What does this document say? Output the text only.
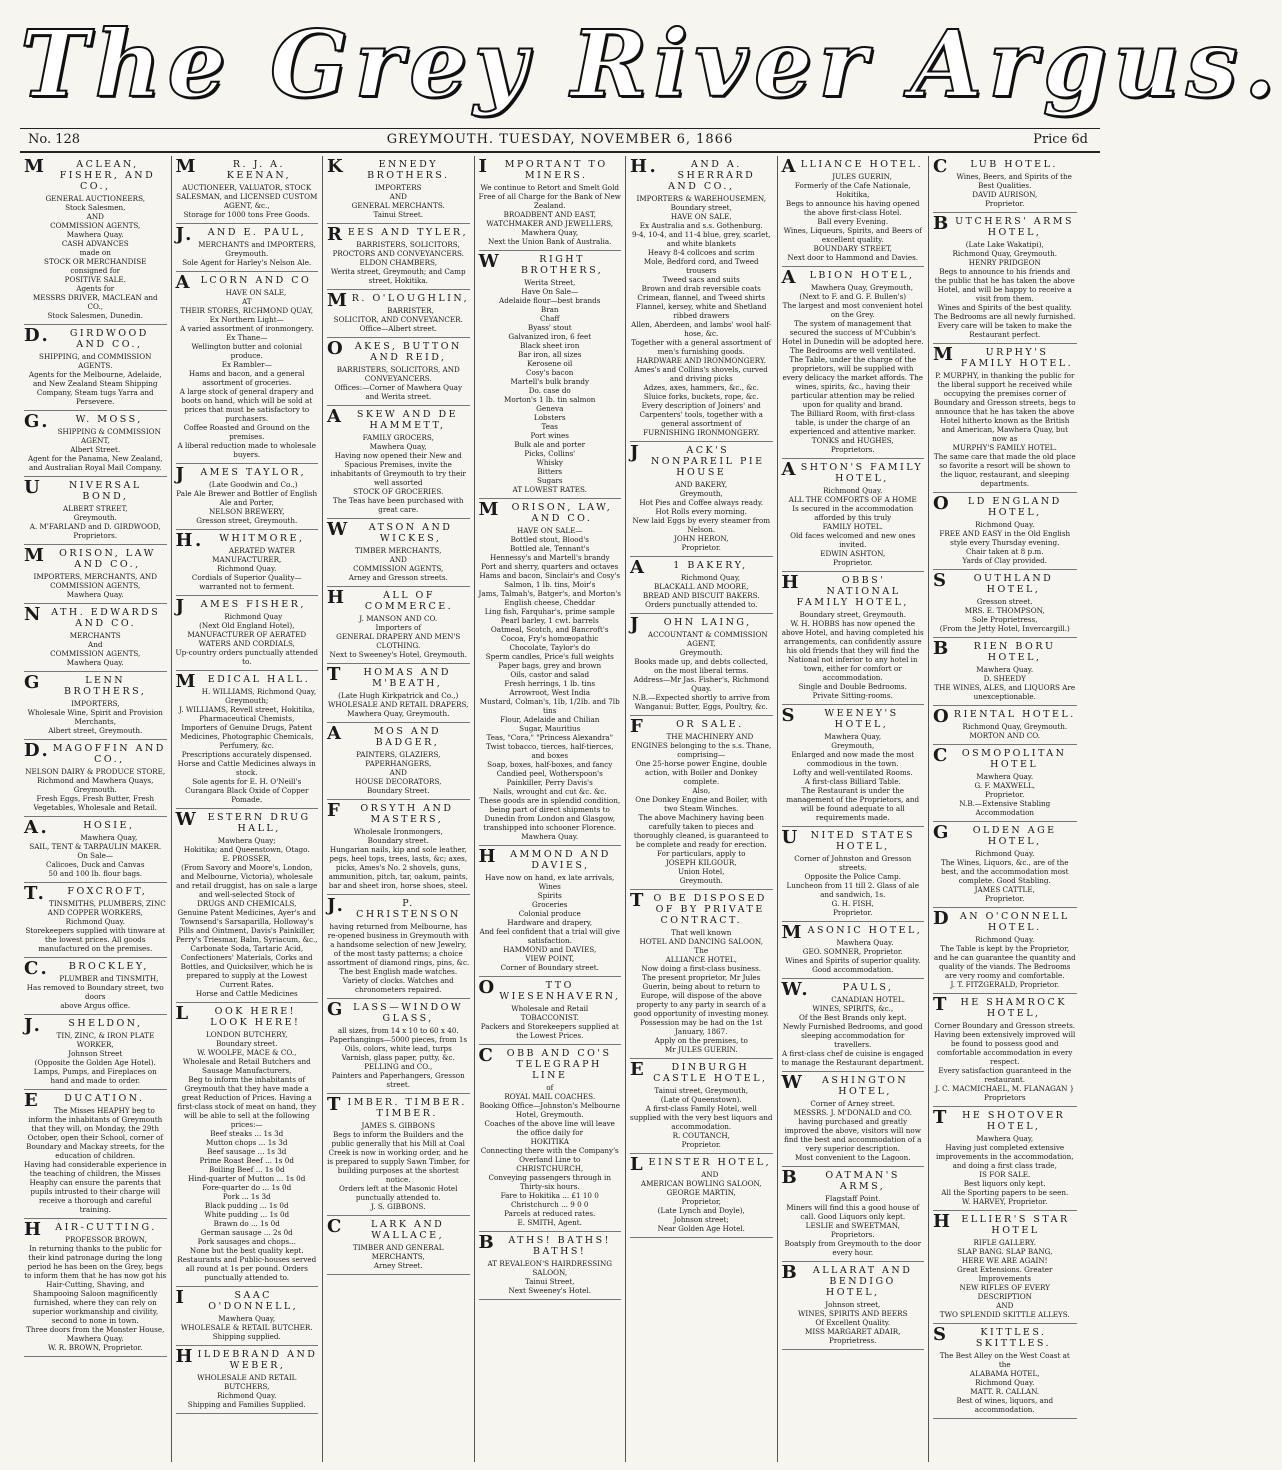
The Grey River Argus.
No. 128	GREYMOUTH. TUESDAY, NOVEMBER 6, 1866	Price 6d
MACLEAN, FISHER, AND CO.,
GENERAL AUCTIONEERS,
Stock Salesmen,
AND
COMMISSION AGENTS,
Mawhera Quay.
CASH ADVANCES
made on
STOCK OR MERCHANDISE
consigned for
POSITIVE SALE.
Agents for
MESSRS DRIVER, MACLEAN and CO.,
Stock Salesmen, Dunedin.
D.GIRDWOOD AND CO.,
SHIPPING, and COMMISSION AGENTS.
Agents for the Melbourne, Adelaide, and New Zealand Steam Shipping Company, Steam tugs Yarra and Persevere.
G.W. MOSS,
SHIPPING & COMMISSION AGENT,
Albert Street.
Agent for the Panama, New Zealand, and Australian Royal Mail Company.
UNIVERSAL BOND,
ALBERT STREET,
Greymouth.
A. M'FARLAND and D. GIRDWOOD,
Proprietors.
MORISON, LAW AND CO.,
IMPORTERS, MERCHANTS, AND COMMISSION AGENTS,
Mawhera Quay.
NATH. EDWARDS AND CO.
MERCHANTS
And
COMMISSION AGENTS,
Mawhera Quay.
GLENN BROTHERS,
IMPORTERS,
Wholesale Wine, Spirit and Provision Merchants,
Albert street, Greymouth.
D.MAGOFFIN AND CO.,
NELSON DAIRY & PRODUCE STORE,
Richmond and Mawhera Quays,
Greymouth.
Fresh Eggs, Fresh Butter, Fresh Vegetables, Wholesale and Retail.
A.HOSIE,
Mawhera Quay,
SAIL, TENT & TARPAULIN MAKER.
On Sale—
Calicoes, Duck and Canvas
50 and 100 lb. flour bags.
T.FOXCROFT,
TINSMITHS, PLUMBERS, ZINC AND COPPER WORKERS,
Richmond Quay.
Storekeepers supplied with tinware at the lowest prices. All goods manufactured on the premises.
C.BROCKLEY,
PLUMBER and TINSMITH,
Has removed to Boundary street, two doors
above Argus office.
J.SHELDON,
TIN, ZINC, & IRON PLATE WORKER,
Johnson Street
(Opposite the Golden Age Hotel).
Lamps, Pumps, and Fireplaces on hand and made to order.
EDUCATION.
The Misses HEAPHY beg to inform the inhabitants of Greymouth that they will, on Monday, the 29th October, open their School, corner of Boundary and Mackay streets, for the education of children.
Having had considerable experience in the teaching of children, the Misses Heaphy can ensure the parents that pupils intrusted to their charge will receive a thorough and careful training.
HAIR-CUTTING.
PROFESSOR BROWN,
In returning thanks to the public for their kind patronage during the long period he has been on the Grey, begs to inform them that he has now got his Hair-Cutting, Shaving, and Shampooing Saloon magnificently furnished, where they can rely on superior workmanship and civility, second to none in town.
Three doors from the Monster House, Mawhera Quay.
W. R. BROWN, Proprietor.
MR. J. A. KEENAN,
AUCTIONEER, VALUATOR, STOCK SALESMAN, and LICENSED CUSTOM AGENT, &c.,
Storage for 1000 tons Free Goods.
J.AND E. PAUL,
MERCHANTS and IMPORTERS,
Greymouth.
Sole Agent for Harley's Nelson Ale.
ALCORN AND CO
HAVE ON SALE,
AT
THEIR STORES, RICHMOND QUAY,
Ex Northern Light—
A varied assortment of ironmongery.
Ex Thane—
Wellington butter and colonial produce.
Ex Rambler—
Hams and bacon, and a general assortment of groceries.
A large stock of general drapery and boots on hand, which will be sold at prices that must be satisfactory to purchasers.
Coffee Roasted and Ground on the premises.
A liberal reduction made to wholesale buyers.
JAMES TAYLOR,
(Late Goodwin and Co.,)
Pale Ale Brewer and Bottler of English Ale and Porter,
NELSON BREWERY,
Gresson street, Greymouth.
H.WHITMORE,
AERATED WATER MANUFACTURER,
Richmond Quay.
Cordials of Superior Quality—warranted not to ferment.
JAMES FISHER,
Richmond Quay
(Next Old England Hotel),
MANUFACTURER OF AERATED WATERS AND CORDIALS,
Up-country orders punctually attended to.
MEDICAL HALL.
H. WILLIAMS, Richmond Quay, Greymouth;
J. WILLIAMS, Revell street, Hokitika,
Pharmaceutical Chemists,
Importers of Genuine Drugs, Patent Medicines, Photographic Chemicals, Perfumery, &c.
Prescriptions accurately dispensed.
Horse and Cattle Medicines always in stock.
Sole agents for E. H. O'Neill's Curangara Black Oxide of Copper Pomade.
WESTERN DRUG HALL,
Mawhera Quay;
Hokitika; and Queenstown, Otago.
E. PROSSER,
(From Savory and Moore's, London, and Melbourne, Victoria), wholesale and retail druggist, has on sale a large and well-selected Stock of
DRUGS AND CHEMICALS,
Genuine Patent Medicines, Ayer's and Townsend's Sarsaparilla, Holloway's Pills and Ointment, Davis's Painkiller, Perry's Triesmar, Balm, Syriacum, &c., Carbonate Soda, Tartaric Acid, Confectioners' Materials, Corks and Bottles, and Quicksilver, which he is prepared to supply at the Lowest Current Rates.
Horse and Cattle Medicines
LOOK HERE! LOOK HERE!
LONDON BUTCHERY,
Boundary street.
W. WOOLFE, MACE & CO.,
Wholesale and Retail Butchers and Sausage Manufacturers,
Beg to inform the inhabitants of Greymouth that they have made a great Reduction of Prices. Having a first-class stock of meat on hand, they will be able to sell at the following prices:—
Beef steaks ... 1s 3d
Mutton chops ... 1s 3d
Beef sausage ... 1s 3d
Prime Roast Beef ... 1s 0d
Boiling Beef ... 1s 0d
Hind-quarter of Mutton ... 1s 0d
Fore-quarter do ... 1s 0d
Pork ... 1s 3d
Black pudding ... 1s 0d
White pudding ... 1s 0d
Brawn do ... 1s 0d
German sausage ... 2s 0d
Pork sausages and chops...
None but the best quality kept. Restaurants and Public-houses served all round at 1s per pound. Orders punctually attended to.
ISAAC O'DONNELL,
Mawhera Quay,
WHOLESALE & RETAIL BUTCHER.
Shipping supplied.
HILDEBRAND AND WEBER,
WHOLESALE AND RETAIL BUTCHERS,
Richmond Quay.
Shipping and Families Supplied.
KENNEDY BROTHERS.
IMPORTERS
AND
GENERAL MERCHANTS.
Tainui Street.
REES AND TYLER,
BARRISTERS, SOLICITORS, PROCTORS AND CONVEYANCERS.
ELDON CHAMBERS,
Werita street, Greymouth; and Camp street, Hokitika.
MR. O'LOUGHLIN,
BARRISTER,
SOLICITOR, AND CONVEYANCER.
Office—Albert street.
OAKES, BUTTON AND REID,
BARRISTERS, SOLICITORS, AND CONVEYANCERS.
Offices:—Corner of Mawhera Quay and Werita street.
ASKEW AND DE HAMMETT,
FAMILY GROCERS,
Mawhera Quay,
Having now opened their New and Spacious Premises, invite the inhabitants of Greymouth to try their well assorted
STOCK OF GROCERIES.
The Teas have been purchased with great care.
WATSON AND WICKES,
TIMBER MERCHANTS,
AND
COMMISSION AGENTS,
Arney and Gresson streets.
HALL OF COMMERCE.
J. MANSON AND CO.
Importers of
GENERAL DRAPERY AND MEN'S CLOTHING.
Next to Sweeney's Hotel, Greymouth.
THOMAS AND M'BEATH,
(Late Hugh Kirkpatrick and Co.,)
WHOLESALE AND RETAIL DRAPERS,
Mawhera Quay, Greymouth.
AMOS AND BADGER,
PAINTERS, GLAZIERS,
PAPERHANGERS,
AND
HOUSE DECORATORS,
Boundary Street.
FORSYTH AND MASTERS,
Wholesale Ironmongers,
Boundary street.
Hungarian nails, kip and sole leather, pegs, heel tops, trees, lasts, &c; axes, picks, Ames's No. 2 shovels, guns, ammunition, pitch, tar, oakum, paints, bar and sheet iron, horse shoes, steel.
J.P. CHRISTENSON
having returned from Melbourne, has re-opened business in Greymouth with a handsome selection of new Jewelry, of the most tasty patterns; a choice assortment of diamond rings, pins, &c. The best English made watches. Variety of clocks. Watches and chronometers repaired.
GLASS—WINDOW GLASS,
all sizes, from 14 x 10 to 60 x 40.
Paperhangings—5000 pieces, from 1s
Oils, colors, white lead, turps
Varnish, glass paper, putty, &c.
PELLING and CO.,
Painters and Paperhangers, Gresson street.
TIMBER. TIMBER. TIMBER.
JAMES S. GIBBONS
Begs to inform the Builders and the public generally that his Mill at Coal Creek is now in working order, and he is prepared to supply Sawn Timber, for building purposes at the shortest notice.
Orders left at the Masonic Hotel punctually attended to.
J. S. GIBBONS.
CLARK AND WALLACE,
TIMBER AND GENERAL MERCHANTS,
Arney Street.
IMPORTANT TO MINERS.
We continue to Retort and Smelt Gold Free of all Charge for the Bank of New Zealand.
BROADBENT AND EAST,
WATCHMAKER AND JEWELLERS,
Mawhera Quay,
Next the Union Bank of Australia.
WRIGHT BROTHERS,
Werita Street,
Have On Sale—
Adelaide flour—best brands
Bran
Chaff
Byass' stout
Galvanized iron, 6 feet
Black sheet iron
Bar iron, all sizes
Kerosene oil
Cosy's bacon
Martell's bulk brandy
Do. case do
Morton's 1 lb. tin salmon
Geneva
Lobsters
Teas
Port wines
Bulk ale and porter
Picks, Collins'
Whisky
Bitters
Sugars
AT LOWEST RATES.
MORISON, LAW, AND CO.
HAVE ON SALE—
Bottled stout, Blood's
Bottled ale, Tennant's
Hennessy's and Martell's brandy
Port and sherry, quarters and octaves
Hams and bacon, Sinclair's and Cosy's
Salmon, 1 lb. tins, Moir's
Jams, Talmah's, Batger's, and Morton's
English cheese, Cheddar
Ling fish, Farquhar's, prime sample
Pearl barley, 1 cwt. barrels
Oatmeal, Scotch, and Bancroft's
Cocoa, Fry's homœopathic
Chocolate, Taylor's do
Sperm candles, Price's full weights
Paper bags, grey and brown
Oils, castor and salad
Fresh herrings, 1 lb. tins
Arrowroot, West India
Mustard, Colman's, 1lb, 1/2lb. and 7lb tins
Flour, Adelaide and Chilian
Sugar, Mauritius
Teas, "Cora," "Princess Alexandra"
Twist tobacco, tierces, half-tierces, and boxes
Soap, boxes, half-boxes, and fancy
Candied peel, Wotherspoon's
Painkiller, Perry Davis's
Nails, wrought and cut &c. &c.
These goods are in splendid condition, being part of direct shipments to Dunedin from London and Glasgow, transhipped into schooner Florence.
Mawhera Quay.
HAMMOND AND DAVIES,
Have now on hand, ex late arrivals,
Wines
Spirits
Groceries
Colonial produce
Hardware and drapery,
And feel confident that a trial will give satisfaction.
HAMMOND and DAVIES,
VIEW POINT,
Corner of Boundary street.
OTTO WIESENHAVERN,
Wholesale and Retail
TOBACCONIST.
Packers and Storekeepers supplied at the Lowest Prices.
COBB AND CO'S TELEGRAPH LINE
of
ROYAL MAIL COACHES.
Booking Office—Johnston's Melbourne Hotel, Greymouth.
Coaches of the above line will leave the office daily for
HOKITIKA
Connecting there with the Company's Overland Line to
CHRISTCHURCH,
Conveying passengers through in Thirty-six hours.
Fare to Hokitika ... £1 10 0
Christchurch ... 9 0 0
Parcels at reduced rates.
E. SMITH, Agent.
BATHS! BATHS! BATHS!
AT REVALEON'S HAIRDRESSING SALOON,
Tainui Street,
Next Sweeney's Hotel.
H.AND A. SHERRARD AND CO.,
IMPORTERS & WAREHOUSEMEN,
Boundary street,
HAVE ON SALE,
Ex Australia and s.s. Gothenburg.
9-4, 10-4, and 11-4 blue, grey, scarlet, and white blankets
Heavy 8-4 collcoes and scrim
Mole, Bedford cord, and Tweed trousers
Tweed sacs and suits
Brown and drab reversible coats
Crimean, flannel, and Tweed shirts
Flannel, kersey, white and Shetland ribbed drawers
Allen, Aberdeen, and lambs' wool half-hose, &c.
Together with a general assortment of men's furnishing goods.
HARDWARE AND IRONMONGERY.
Ames's and Collins's shovels, curved and driving picks
Adzes, axes, hammers, &c., &c.
Sluice forks, buckets, rope, &c.
Every description of Joiners' and Carpenters' tools, together with a general assortment of
FURNISHING IRONMONGERY.
JACK'S NONPAREIL PIE HOUSE
AND BAKERY,
Greymouth,
Hot Pies and Coffee always ready.
Hot Rolls every morning.
New laid Eggs by every steamer from Nelson.
JOHN HERON,
Proprietor.
A1 BAKERY,
Richmond Quay,
BLACKALL AND MOORE,
BREAD AND BISCUIT BAKERS.
Orders punctually attended to.
JOHN LAING,
ACCOUNTANT & COMMISSION AGENT,
Greymouth.
Books made up, and debts collected, on the most liberal terms.
Address—Mr Jas. Fisher's, Richmond Quay.
N.B.—Expected shortly to arrive from Wanganui: Butter, Eggs, Poultry, &c.
FOR SALE.
THE MACHINERY AND ENGINES belonging to the s.s. Thane, comprising—
One 25-horse power Engine, double action, with Boiler and Donkey complete.
Also,
One Donkey Engine and Boiler, with two Steam Winches.
The above Machinery having been carefully taken to pieces and thoroughly cleaned, is guaranteed to be complete and ready for erection.
For particulars, apply to
JOSEPH KILGOUR,
Union Hotel,
Greymouth.
TO BE DISPOSED OF BY PRIVATE CONTRACT.
That well known
HOTEL AND DANCING SALOON,
The
ALLIANCE HOTEL,
Now doing a first-class business.
The present proprietor, Mr Jules Guerin, being about to return to Europe, will dispose of the above property to any party in search of a good opportunity of investing money.
Possession may be had on the 1st January, 1867.
Apply on the premises, to
Mr JULES GUERIN.
EDINBURGH CASTLE HOTEL,
Tainui street, Greymouth,
(Late of Queenstown).
A first-class Family Hotel, well supplied with the very best liquors and accommodation.
R. COUTANCH,
Proprietor.
LEINSTER HOTEL,
AND
AMERICAN BOWLING SALOON,
GEORGE MARTIN,
Proprietor,
(Late Lynch and Doyle),
Johnson street;
Near Golden Age Hotel.
ALLIANCE HOTEL.
JULES GUERIN,
Formerly of the Cafe Nationale, Hokitika,
Begs to announce his having opened the above first-class Hotel.
Ball every Evening.
Wines, Liqueurs, Spirits, and Beers of excellent quality.
BOUNDARY STREET,
Next door to Hammond and Davies.
ALBION HOTEL,
Mawhera Quay, Greymouth,
(Next to F. and G. F. Bullen's)
The largest and most convenient hotel on the Grey.
The system of management that secured the success of M'Cubbin's Hotel in Dunedin will be adopted here.
The Bedrooms are well ventilated.
The Table, under the charge of the proprietors, will be supplied with every delicacy the market affords. The wines, spirits, &c., having their particular attention may be relied upon for quality and brand.
The Billiard Room, with first-class table, is under the charge of an experienced and attentive marker.
TONKS and HUGHES,
Proprietors.
ASHTON'S FAMILY HOTEL,
Richmond Quay.
ALL THE COMFORTS OF A HOME
Is secured in the accommodation afforded by this truly
FAMILY HOTEL.
Old faces welcomed and new ones invited.
EDWIN ASHTON,
Proprietor.
HOBBS' NATIONAL FAMILY HOTEL,
Boundary street, Greymouth.
W. H. HOBBS has now opened the above Hotel, and having completed his arrangements, can confidently assure his old friends that they will find the National not inferior to any hotel in town, either for comfort or accommodation.
Single and Double Bedrooms.
Private Sitting-rooms.
SWEENEY'S HOTEL,
Mawhera Quay,
Greymouth,
Enlarged and now made the most commodious in the town.
Lofty and well-ventilated Rooms.
A first-class Billiard Table.
The Restaurant is under the management of the Proprietors, and will be found adequate to all requirements made.
UNITED STATES HOTEL,
Corner of Johnston and Gresson streets.
Opposite the Police Camp.
Luncheon from 11 till 2. Glass of ale and sandwich, 1s.
G. H. FISH,
Proprietor.
MASONIC HOTEL,
Mawhera Quay.
GEO. SOMNER, Proprietor.
Wines and Spirits of superior quality. Good accommodation.
W.PAULS,
CANADIAN HOTEL.
WINES, SPIRITS, &c.,
Of the Best Brands only kept.
Newly Furnished Bedrooms, and good sleeping accommodation for travellers.
A first-class chef de cuisine is engaged to manage the Restaurant department.
WASHINGTON HOTEL,
Corner of Arney street.
MESSRS. J. M'DONALD and CO. having purchased and greatly improved the above, visitors will now find the best and accommodation of a very superior description.
Most convenient to the Lagoon.
BOATMAN'S ARMS,
Flagstaff Point.
Miners will find this a good house of call. Good Liquors only kept.
LESLIE and SWEETMAN,
Proprietors.
Boatsply from Greymouth to the door every hour.
BALLARAT AND BENDIGO HOTEL,
Johnson street,
WINES, SPIRITS AND BEERS
Of Excellent Quality.
MISS MARGARET ADAIR,
Proprietress.
CLUB HOTEL.
Wines, Beers, and Spirits of the Best Qualities.
DAVID AURISON,
Proprietor.
BUTCHERS' ARMS HOTEL,
(Late Lake Wakatipi),
Richmond Quay, Greymouth.
HENRY PRIDGEON
Begs to announce to his friends and the public that he has taken the above Hotel, and will be happy to receive a visit from them.
Wines and Spirits of the best quality.
The Bedrooms are all newly furnished.
Every care will be taken to make the Restaurant perfect.
MURPHY'S FAMILY HOTEL.
P. MURPHY, in thanking the public for the liberal support he received while occupying the premises corner of Boundary and Gresson streets, begs to announce that he has taken the above Hotel hitherto known as the British and American, Mawhera Quay, but now as
MURPHY'S FAMILY HOTEL.
The same care that made the old place so favorite a resort will be shown to the liquor, restaurant, and sleeping departments.
OLD ENGLAND HOTEL,
Richmond Quay.
FREE AND EASY in the Old English style every Thursday evening.
Chair taken at 8 p.m.
Yards of Clay provided.
SOUTHLAND HOTEL,
Gresson street.
MRS. E. THOMPSON,
Sole Proprietress,
(From the Jetty Hotel, Invercargill.)
BRIEN BORU HOTEL,
Mawhera Quay.
D. SHEEDY
THE WINES, ALES, and LIQUORS Are unexceptionable.
ORIENTAL HOTEL.
Richmond Quay, Greymouth.
MORTON AND CO.
COSMOPOLITAN HOTEL
Mawhera Quay.
G. F. MAXWELL,
Proprietor.
N.B.—Extensive Stabling Accommodation
GOLDEN AGE HOTEL,
Richmond Quay.
The Wines, Liquors, &c., are of the best, and the accommodation most complete. Good Stabling.
JAMES CATTLE,
Proprietor.
DAN O'CONNELL HOTEL.
Richmond Quay.
The Table is kept by the Proprietor, and he can guarantee the quantity and quality of the viands. The Bedrooms are very roomy and comfortable.
J. T. FITZGERALD, Proprietor.
THE SHAMROCK HOTEL,
Corner Boundary and Gresson streets.
Having been extensively improved will be found to possess good and comfortable accommodation in every respect.
Every satisfaction guaranteed in the restaurant.
J. C. MACMICHAEL, M. FLANAGAN } Proprietors
THE SHOTOVER HOTEL,
Mawhera Quay,
Having just completed extensive improvements in the accommodation, and doing a first class trade,
IS FOR SALE.
Best liquors only kept.
All the Sporting papers to be seen.
W. HARVEY, Proprietor.
HELLIER'S STAR HOTEL
RIFLE GALLERY.
SLAP BANG. SLAP BANG,
HERE WE ARE AGAIN!
Great Extensions. Greater Improvements
NEW RIFLES OF EVERY DESCRIPTION
AND
TWO SPLENDID SKITTLE ALLEYS.
SKITTLES. SKITTLES.
The Best Alley on the West Coast at the
ALABAMA HOTEL,
Richmond Quay.
MATT. R. CALLAN.
Best of wines, liquors, and accommodation.
